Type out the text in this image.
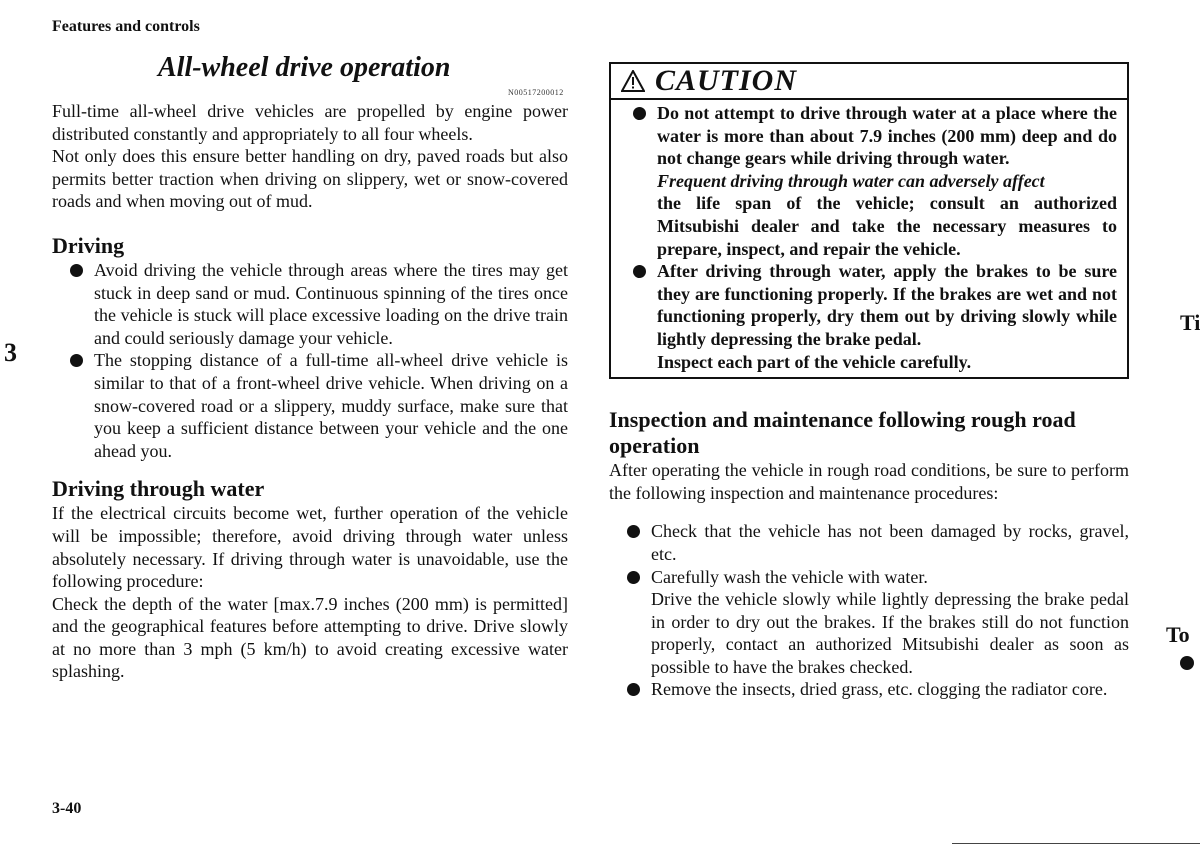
Features and controls
All-wheel drive operation
N00517200012

Full-time all-wheel drive vehicles are propelled by engine power distributed constantly and appropriately to all four wheels.

Not only does this ensure better handling on dry, paved roads but also permits better traction when driving on slippery, wet or snow-covered roads and when moving out of mud.

Driving
Avoid driving the vehicle through areas where the tires may get stuck in deep sand or mud. Continuous spinning of the tires once the vehicle is stuck will place excessive loading on the drive train and could seriously damage your vehicle.
The stopping distance of a full-time all-wheel drive vehicle is similar to that of a front-wheel drive vehicle. When driving on a snow-covered road or a slippery, muddy surface, make sure that you keep a sufficient distance between your vehicle and the one ahead you.
Driving through water

If the electrical circuits become wet, further operation of the vehicle will be impossible; therefore, avoid driving through water unless absolutely necessary. If driving through water is unavoidable, use the following procedure:

Check the depth of the water [max.7.9 inches (200 mm) is permitted] and the geographical features before attempting to drive. Drive slowly at no more than 3 mph (5 km/h) to avoid creating excessive water splashing.

CAUTION
Do not attempt to drive through water at a place where the water is more than about 7.9 inches (200 mm) deep and do not change gears while driving through water.
Frequent driving through water can adversely affect
the life span of the vehicle; consult an authorized Mitsubishi dealer and take the necessary measures to prepare, inspect, and repair the vehicle.
After driving through water, apply the brakes to be sure they are functioning properly. If the brakes are wet and not functioning properly, dry them out by driving slowly while lightly depressing the brake pedal.
Inspect each part of the vehicle carefully.
Inspection and maintenance following rough road operation

After operating the vehicle in rough road conditions, be sure to perform the following inspection and maintenance procedures:

Check that the vehicle has not been damaged by rocks, gravel, etc.
Carefully wash the vehicle with water.
Drive the vehicle slowly while lightly depressing the brake pedal in order to dry out the brakes. If the brakes still do not function properly, contact an authorized Mitsubishi dealer as soon as possible to have the brakes checked.
Remove the insects, dried grass, etc. clogging the radiator core.
3
3-40
Ti
To
